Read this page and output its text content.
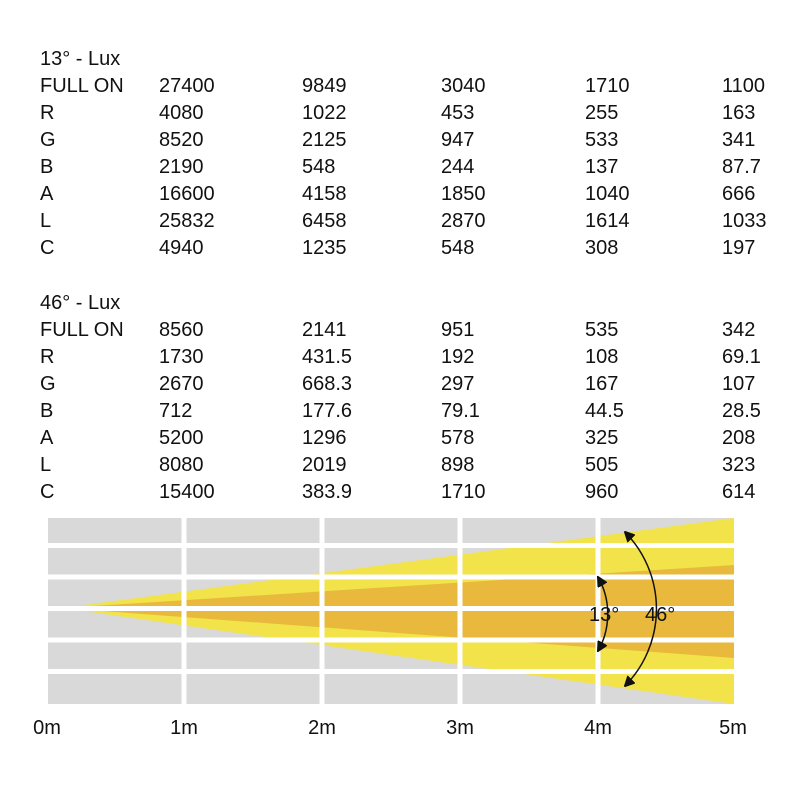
13° - Lux
FULL ON 27400	9849	3040	1710	1100
R	4080	1022	453	255	163
G	8520	2125	947	533	341
B	2190	548	244	137	87.7
A	16600	4158	1850	1040	666
L	25832	6458	2870	1614	1033
C	4940	1235	548	308	197
46° - Lux
FULL ON 8560	2141	951	535	342
R	1730	431.5	192	108	69.1
G	2670	668.3	297	167	107
B	712	177.6	79.1	44.5	28.5
A	5200	1296	578	325	208
L	8080	2019	898	505	323
C	15400	383.9	1710	960	614
13° 46°
0m	1m	2m	3m	4m	5m
